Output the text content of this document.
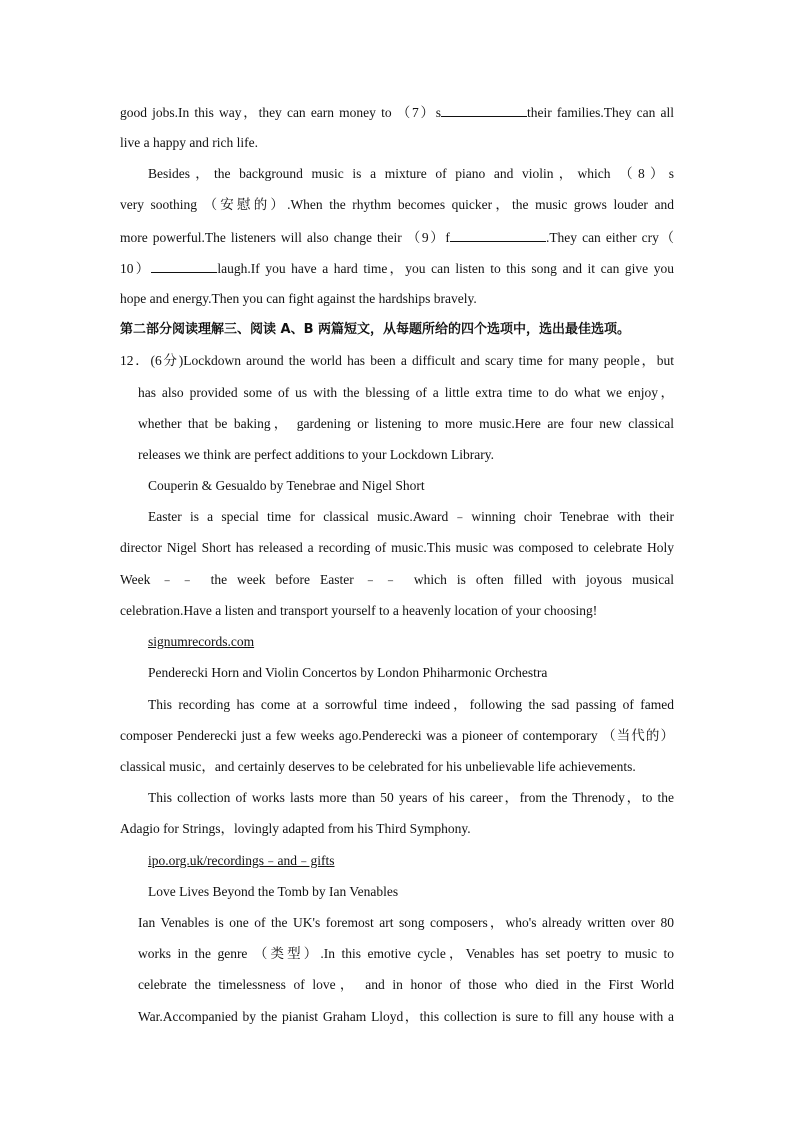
good jobs.In this way，they can earn money to （7）s	their families.They can all
live a happy and rich life.
Besides，the background music is a mixture of piano and violin，which （8）s
very soothing （安慰的）.When the rhythm becomes quicker，the music grows louder and
more powerful.The listeners will also change their （9）f	.They can either cry（
10）	laugh.If you have a hard time，you can listen to this song and it can give you
hope and energy.Then you can fight against the hardships bravely.
第二部分阅读理解三、阅读 A、B 两篇短文，从每题所给的四个选项中，选出最佳选项。
12．(6分)Lockdown around the world has been a difficult and scary time for many people，but
has also provided some of us with the blessing of a little extra time to do what we enjoy，
whether that be baking， gardening or listening to more music.Here are four new classical
releases we think are perfect additions to your Lockdown Library.
Couperin & Gesualdo by Tenebrae and Nigel Short
Easter is a special time for classical music.Award﹣winning choir Tenebrae with their
director Nigel Short has released a recording of music.This music was composed to celebrate Holy
Week ﹣﹣ the week before Easter ﹣﹣ which is often filled with joyous musical
celebration.Have a listen and transport yourself to a heavenly location of your choosing!
signumrecords.com
Penderecki Horn and Violin Concertos by London Phiharmonic Orchestra
This recording has come at a sorrowful time indeed，following the sad passing of famed
composer Penderecki just a few weeks ago.Penderecki was a pioneer of contemporary （当代的）
classical music，and certainly deserves to be celebrated for his unbelievable life achievements.
This collection of works lasts more than 50 years of his career，from the Threnody，to the
Adagio for Strings，lovingly adapted from his Third Symphony.
ipo.org.uk/recordings﹣and﹣gifts
Love Lives Beyond the Tomb by Ian Venables
Ian Venables is one of the UK's foremost art song composers，who's already written over 80
works in the genre （类型）.In this emotive cycle，Venables has set poetry to music to
celebrate the timelessness of love， and in honor of those who died in the First World
War.Accompanied by the pianist Graham Lloyd，this collection is sure to fill any house with a
